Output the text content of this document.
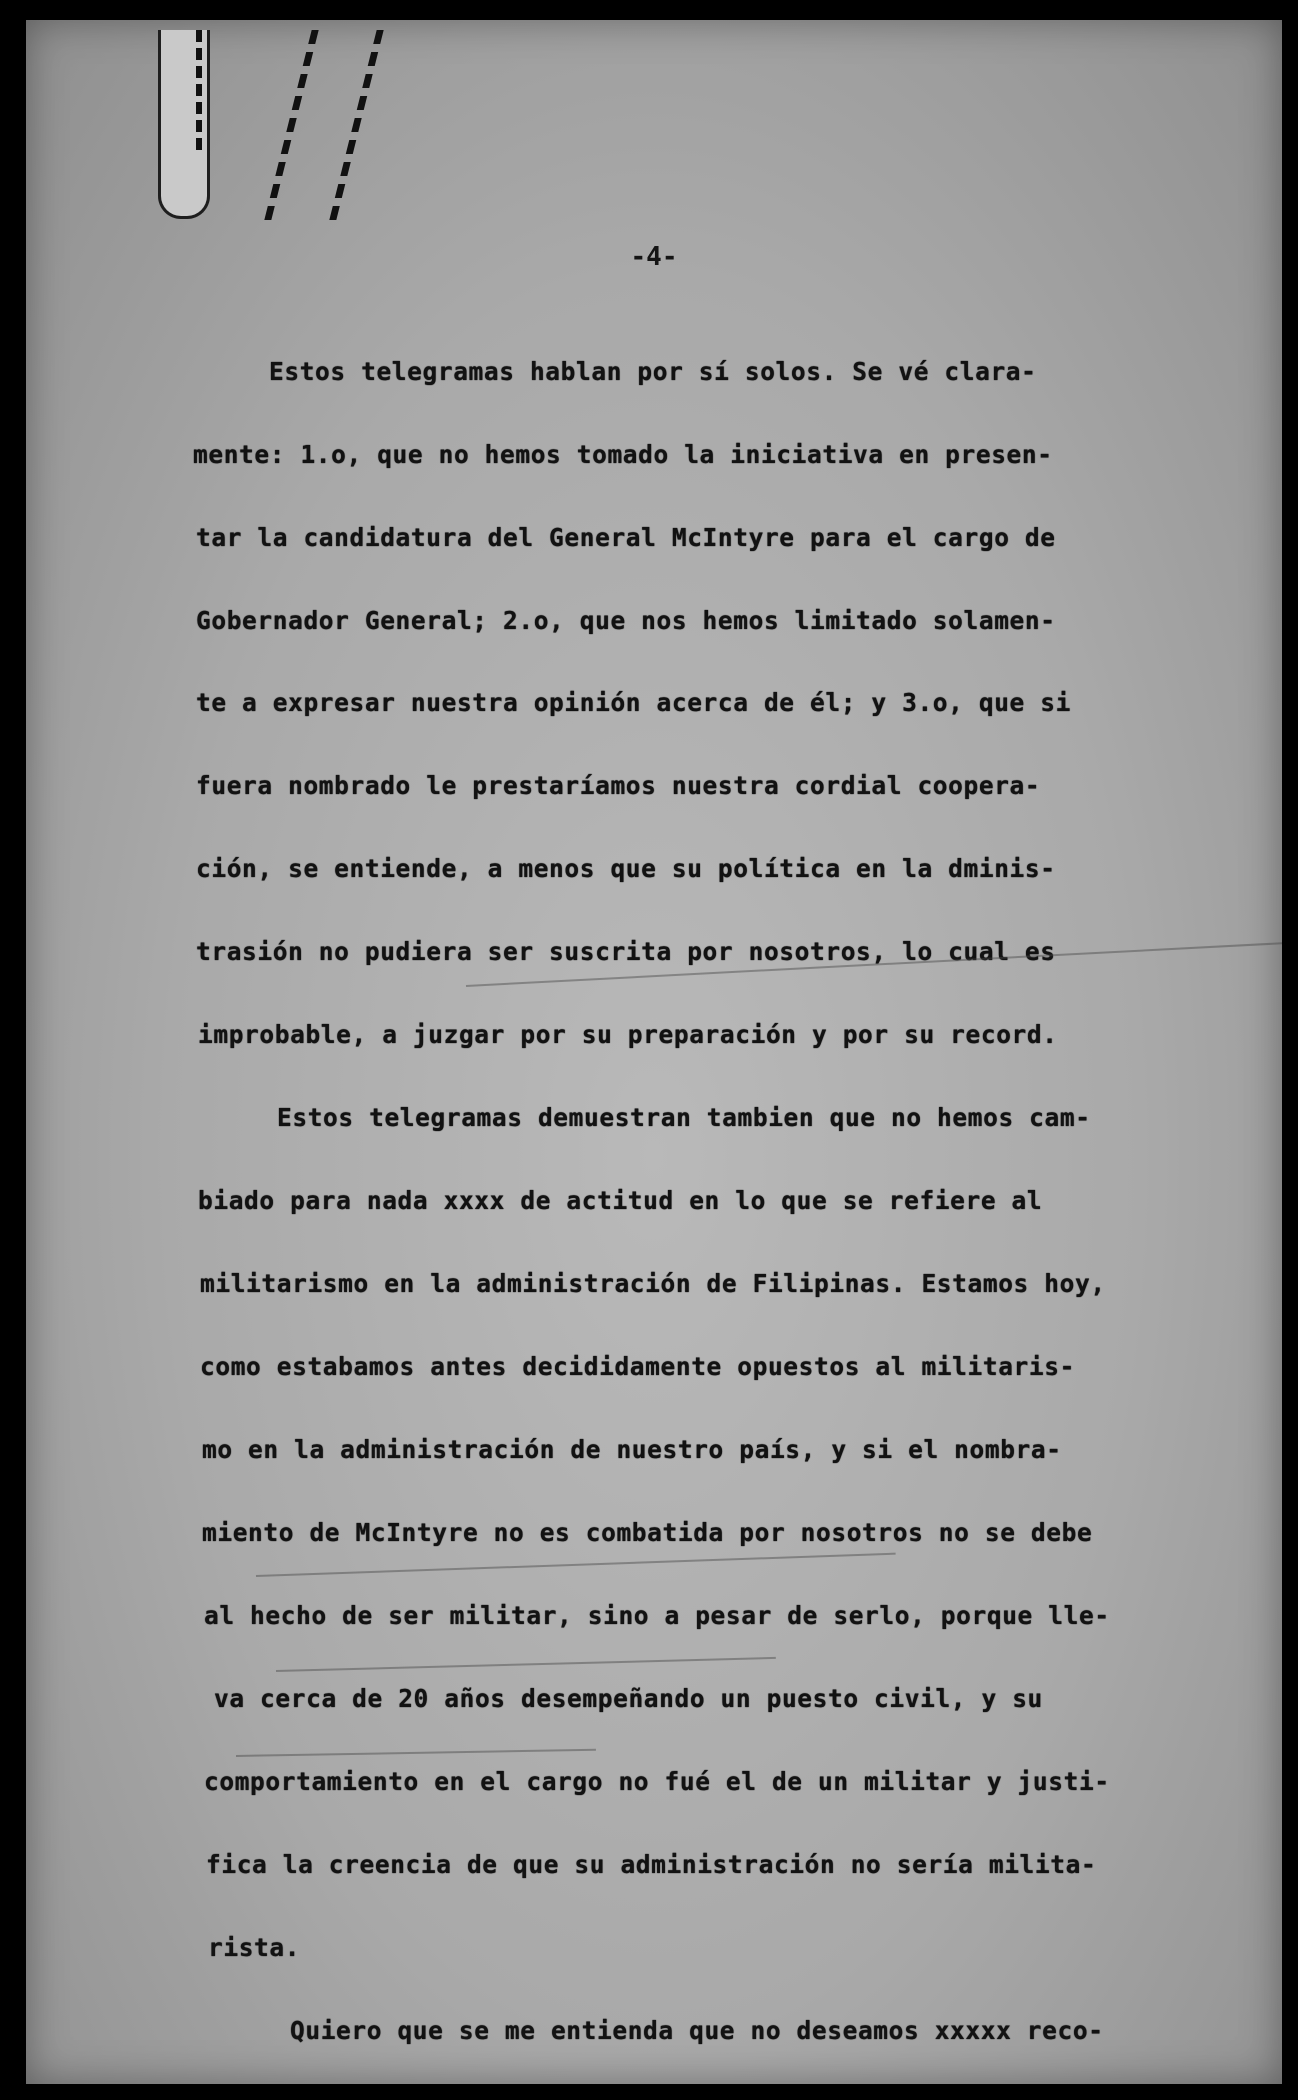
-4-
Estos telegramas hablan por sí solos. Se vé clara-
mente: 1.o, que no hemos tomado la iniciativa en presen-
tar la candidatura del General McIntyre para el cargo de
Gobernador General; 2.o, que nos hemos limitado solamen-
te a expresar nuestra opinión acerca de él; y 3.o, que si
fuera nombrado le prestaríamos nuestra cordial coopera-
ción, se entiende, a menos que su política en la dminis-
trasión no pudiera ser suscrita por nosotros, lo cual es
improbable, a juzgar por su preparación y por su record.
Estos telegramas demuestran tambien que no hemos cam-
biado para nada xxxx de actitud en lo que se refiere al
militarismo en la administración de Filipinas. Estamos hoy,
como estabamos antes decididamente opuestos al militaris-
mo en la administración de nuestro país, y si el nombra-
miento de McIntyre no es combatida por nosotros no se debe
al hecho de ser militar, sino a pesar de serlo, porque lle-
va cerca de 20 años desempeñando un puesto civil, y su
comportamiento en el cargo no fué el de un militar y justi-
fica la creencia de que su administración no sería milita-
rista.
Quiero que se me entienda que no deseamos xxxxx reco-
